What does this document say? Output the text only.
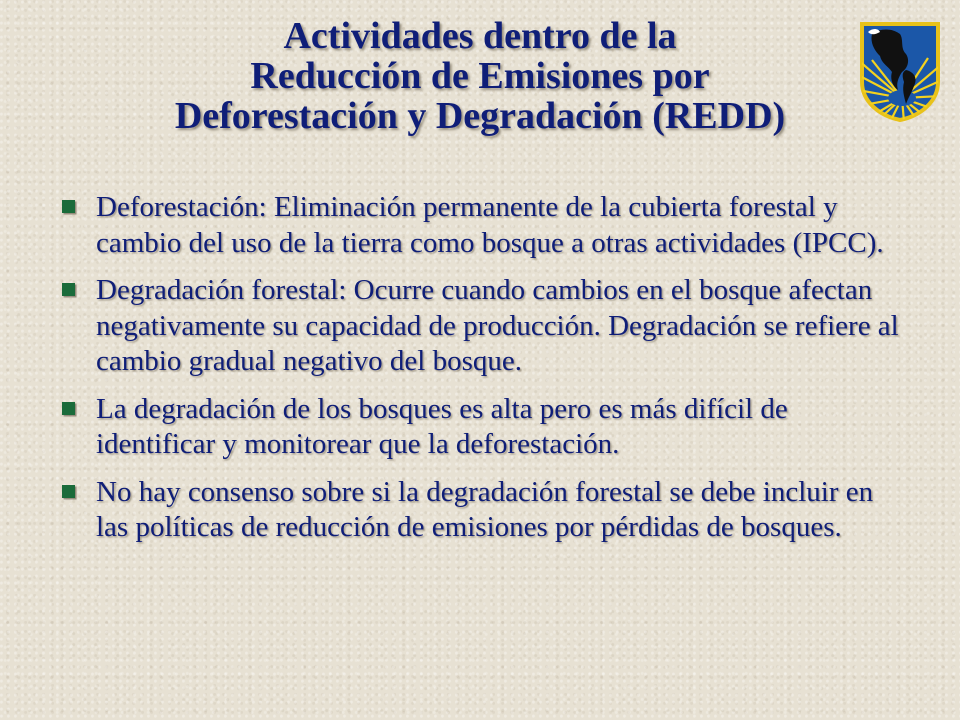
Actividades dentro de la
Reducción de Emisiones por
Deforestación y Degradación (REDD)
Deforestación: Eliminación permanente de la cubierta forestal y cambio del uso de la tierra como bosque a otras actividades (IPCC).
Degradación forestal: Ocurre cuando cambios en el bosque afectan negativamente su capacidad de producción. Degradación se refiere al cambio gradual negativo del bosque.
La degradación de los bosques es alta pero es más difícil de identificar y monitorear que la deforestación.
No hay consenso sobre si la degradación forestal se debe incluir en las políticas de reducción de emisiones por pérdidas de bosques.
